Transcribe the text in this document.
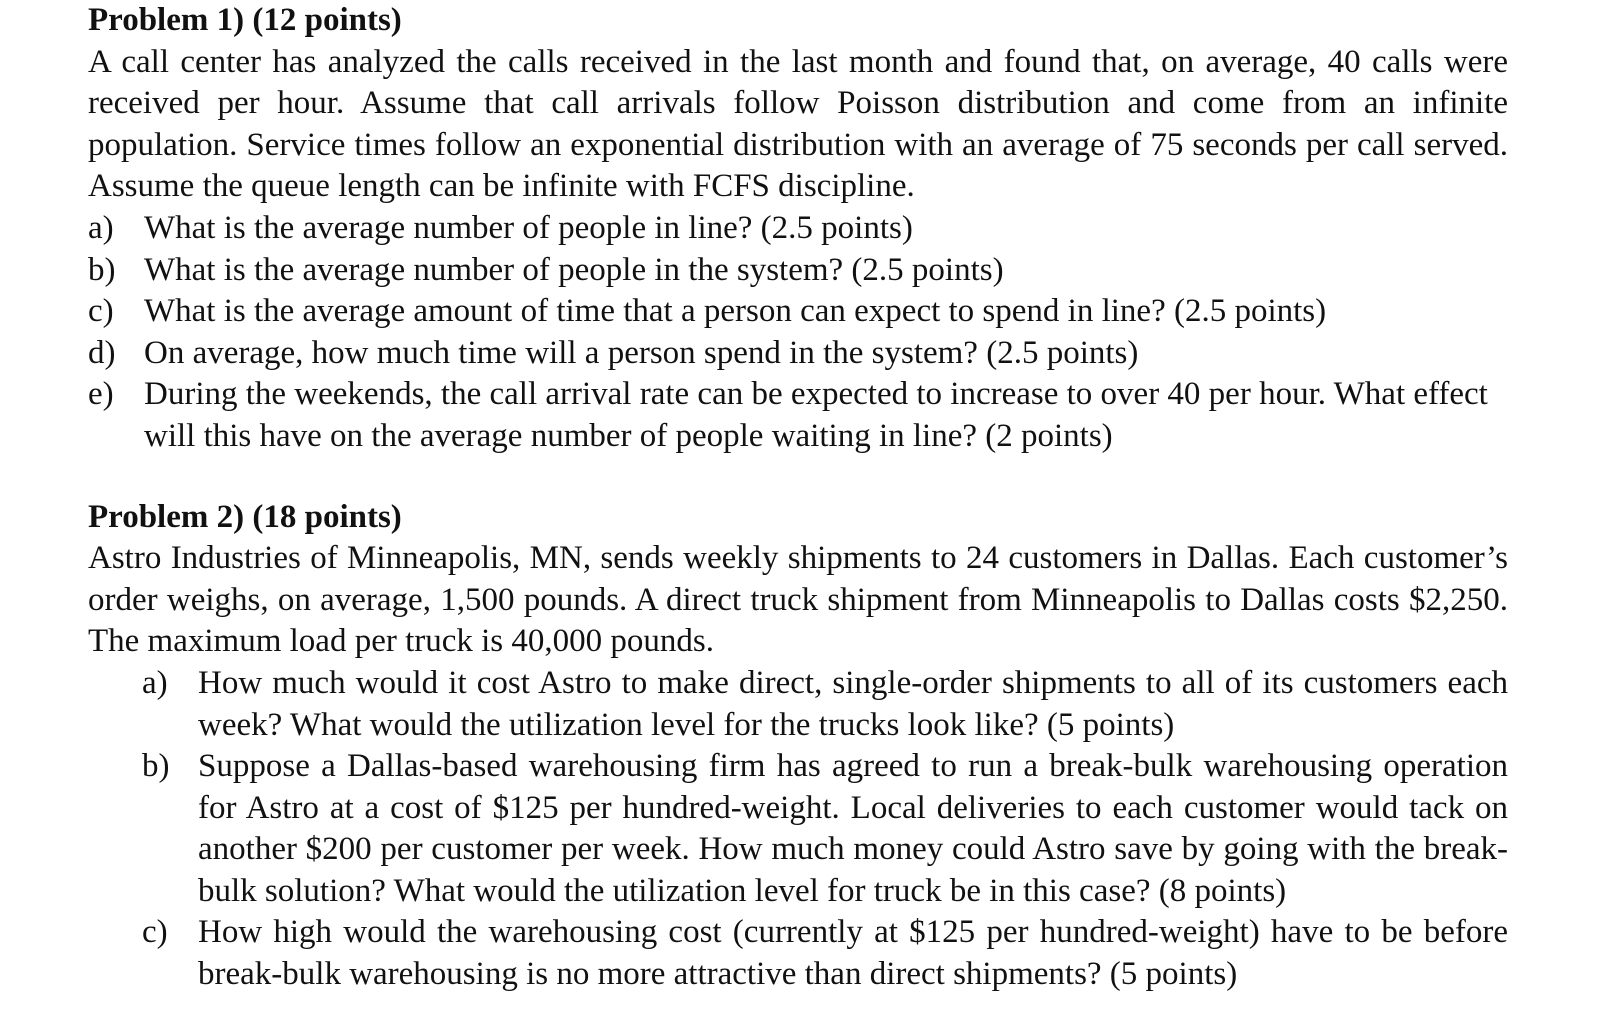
Problem 1) (12 points)

A call center has analyzed the calls received in the last month and found that, on average, 40 calls were received per hour. Assume that call arrivals follow Poisson distribution and come from an infinite population. Service times follow an exponential distribution with an average of 75 seconds per call served. Assume the queue length can be infinite with FCFS discipline.

a) What is the average number of people in line? (2.5 points)
b) What is the average number of people in the system? (2.5 points)
c) What is the average amount of time that a person can expect to spend in line? (2.5 points)
d) On average, how much time will a person spend in the system? (2.5 points)
e) During the weekends, the call arrival rate can be expected to increase to over 40 per hour. What effect will this have on the average number of people waiting in line? (2 points)
Problem 2) (18 points)

Astro Industries of Minneapolis, MN, sends weekly shipments to 24 customers in Dallas. Each customer’s order weighs, on average, 1,500 pounds. A direct truck shipment from Minneapolis to Dallas costs $2,250. The maximum load per truck is 40,000 pounds.

a) How much would it cost Astro to make direct, single-order shipments to all of its customers each week? What would the utilization level for the trucks look like? (5 points)
b) Suppose a Dallas-based warehousing firm has agreed to run a break-bulk warehousing operation for Astro at a cost of $125 per hundred-weight. Local deliveries to each customer would tack on another $200 per customer per week. How much money could Astro save by going with the break-bulk solution? What would the utilization level for truck be in this case? (8 points)
c) How high would the warehousing cost (currently at $125 per hundred-weight) have to be before break-bulk warehousing is no more attractive than direct shipments? (5 points)
